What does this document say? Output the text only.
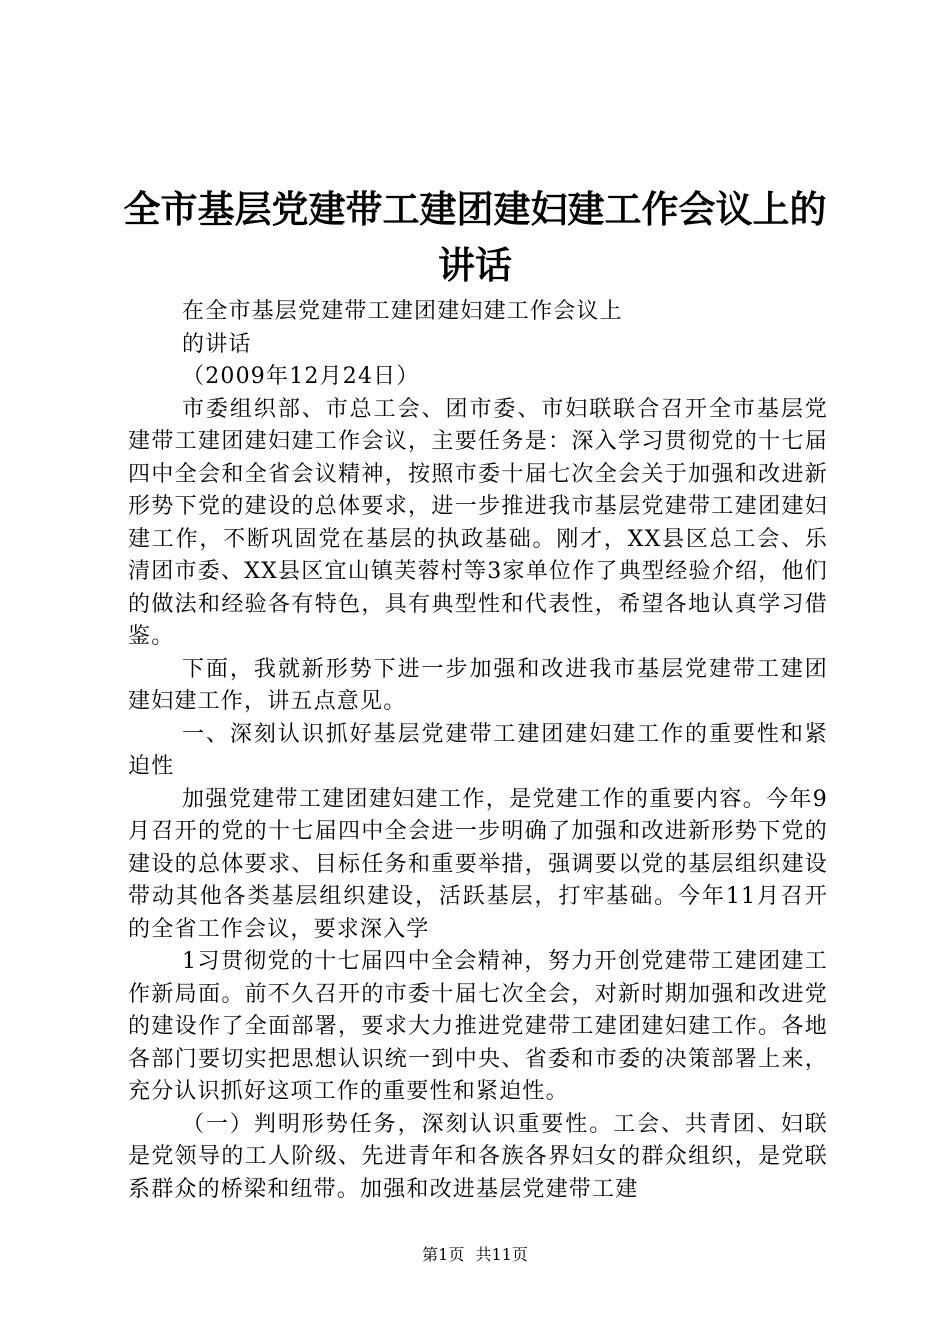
全市基层党建带工建团建妇建工作会议上的讲话

在全市基层党建带工建团建妇建工作会议上

的讲话

（2009年12月24日）

市委组织部、市总工会、团市委、市妇联联合召开全市基层党建带工建团建妇建工作会议，主要任务是：深入学习贯彻党的十七届四中全会和全省会议精神，按照市委十届七次全会关于加强和改进新形势下党的建设的总体要求，进一步推进我市基层党建带工建团建妇建工作，不断巩固党在基层的执政基础。刚才，XX县区总工会、乐清团市委、XX县区宜山镇芙蓉村等3家单位作了典型经验介绍，他们的做法和经验各有特色，具有典型性和代表性，希望各地认真学习借鉴。

下面，我就新形势下进一步加强和改进我市基层党建带工建团建妇建工作，讲五点意见。

一、深刻认识抓好基层党建带工建团建妇建工作的重要性和紧迫性

加强党建带工建团建妇建工作，是党建工作的重要内容。今年9月召开的党的十七届四中全会进一步明确了加强和改进新形势下党的建设的总体要求、目标任务和重要举措，强调要以党的基层组织建设带动其他各类基层组织建设，活跃基层，打牢基础。今年11月召开的全省工作会议，要求深入学

1习贯彻党的十七届四中全会精神，努力开创党建带工建团建工作新局面。前不久召开的市委十届七次全会，对新时期加强和改进党的建设作了全面部署，要求大力推进党建带工建团建妇建工作。各地各部门要切实把思想认识统一到中央、省委和市委的决策部署上来，充分认识抓好这项工作的重要性和紧迫性。

（一）判明形势任务，深刻认识重要性。工会、共青团、妇联是党领导的工人阶级、先进青年和各族各界妇女的群众组织，是党联系群众的桥梁和纽带。加强和改进基层党建带工建

第1页 共11页
